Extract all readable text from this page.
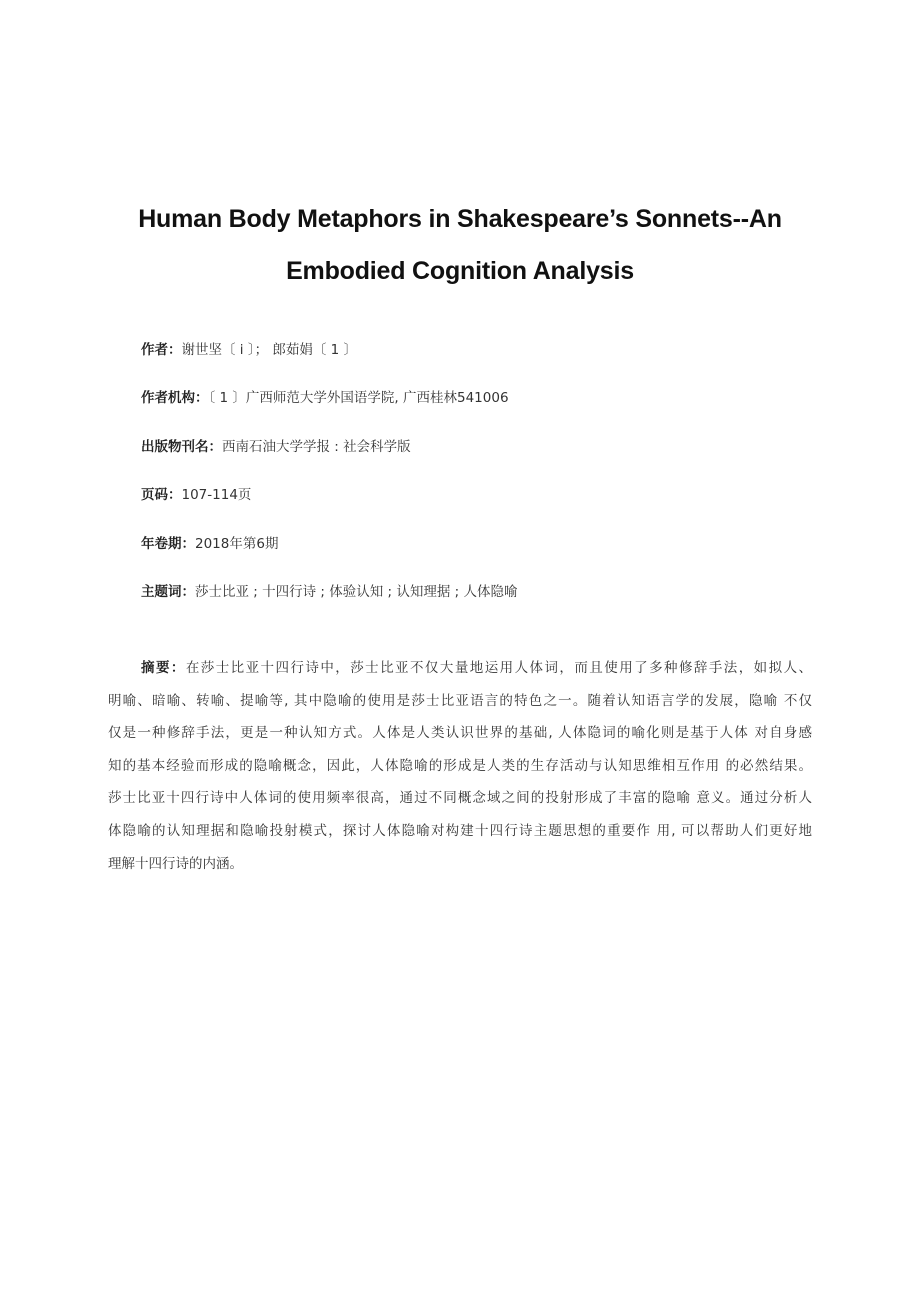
Human Body Metaphors in Shakespeare’s Sonnets--An
Embodied Cognition Analysis
作者：谢世坚〔 i 〕； 郎茹娟〔 1 〕
作者机构：〔 1 〕广西师范大学外国语学院, 广西桂林541006
出版物刊名：西南石油大学学报 : 社会科学版
页码：107-114页
年卷期：2018年第6期
主题词：莎士比亚 ; 十四行诗 ; 体验认知 ; 认知理据 ; 人体隐喻
摘要：在莎士比亚十四行诗中，莎士比亚不仅大量地运用人体词，而且使用了多种修辞手法，如拟人、
明喻、暗喻、转喻、提喻等, 其中隐喻的使用是莎士比亚语言的特色之一。随着认知语言学的发展，隐喻 不仅
仅是一种修辞手法，更是一种认知方式。人体是人类认识世界的基础, 人体隐词的喻化则是基于人体 对自身感
知的基本经验而形成的隐喻概念，因此，人体隐喻的形成是人类的生存活动与认知思维相互作用 的必然结果。
莎士比亚十四行诗中人体词的使用频率很高，通过不同概念域之间的投射形成了丰富的隐喻 意义。通过分析人
体隐喻的认知理据和隐喻投射模式，探讨人体隐喻对构建十四行诗主题思想的重要作 用, 可以帮助人们更好地
理解十四行诗的内涵。
